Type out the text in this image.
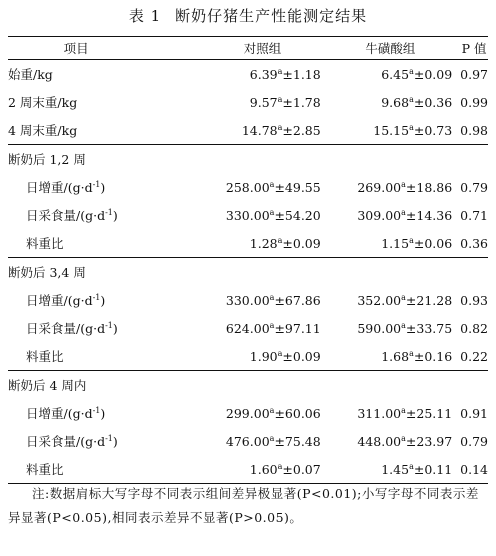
表 1 断奶仔猪生产性能测定结果
项目	对照组	牛磺酸组	P 值
始重/kg	6.39$^a$±1.18	6.45$^a$±0.09	0.97
2 周末重/kg	9.57$^a$±1.78	9.68$^a$±0.36	0.99
4 周末重/kg	14.78$^a$±2.85	15.15$^a$±0.73	0.98
断奶后 1,2 周			
日增重$/(g\cdot d^{-1})$	258.00$^a$±49.55	269.00$^a$±18.86	0.79
日采食量$/(g\cdot d^{-1})$	330.00$^a$±54.20	309.00$^a$±14.36	0.71
料重比	1.28$^a$±0.09	1.15$^a$±0.06	0.36
断奶后 3,4 周			
日增重$/(g\cdot d^{-1})$	330.00$^a$±67.86	352.00$^a$±21.28	0.93
日采食量$/(g\cdot d^{-1})$	624.00$^a$±97.11	590.00$^a$±33.75	0.82
料重比	1.90$^a$±0.09	1.68$^a$±0.16	0.22
断奶后 4 周内			
日增重$/(g\cdot d^{-1})$	299.00$^a$±60.06	311.00$^a$±25.11	0.91
日采食量$/(g\cdot d^{-1})$	476.00$^a$±75.48	448.00$^a$±23.97	0.79
料重比	1.60$^a$±0.07	1.45$^a$±0.11	0.14
注:数据肩标大写字母不同表示组间差异极显著(P<0.01);小写字母不同表示差异显著(P<0.05),相同表示差异不显著(P>0.05)。
